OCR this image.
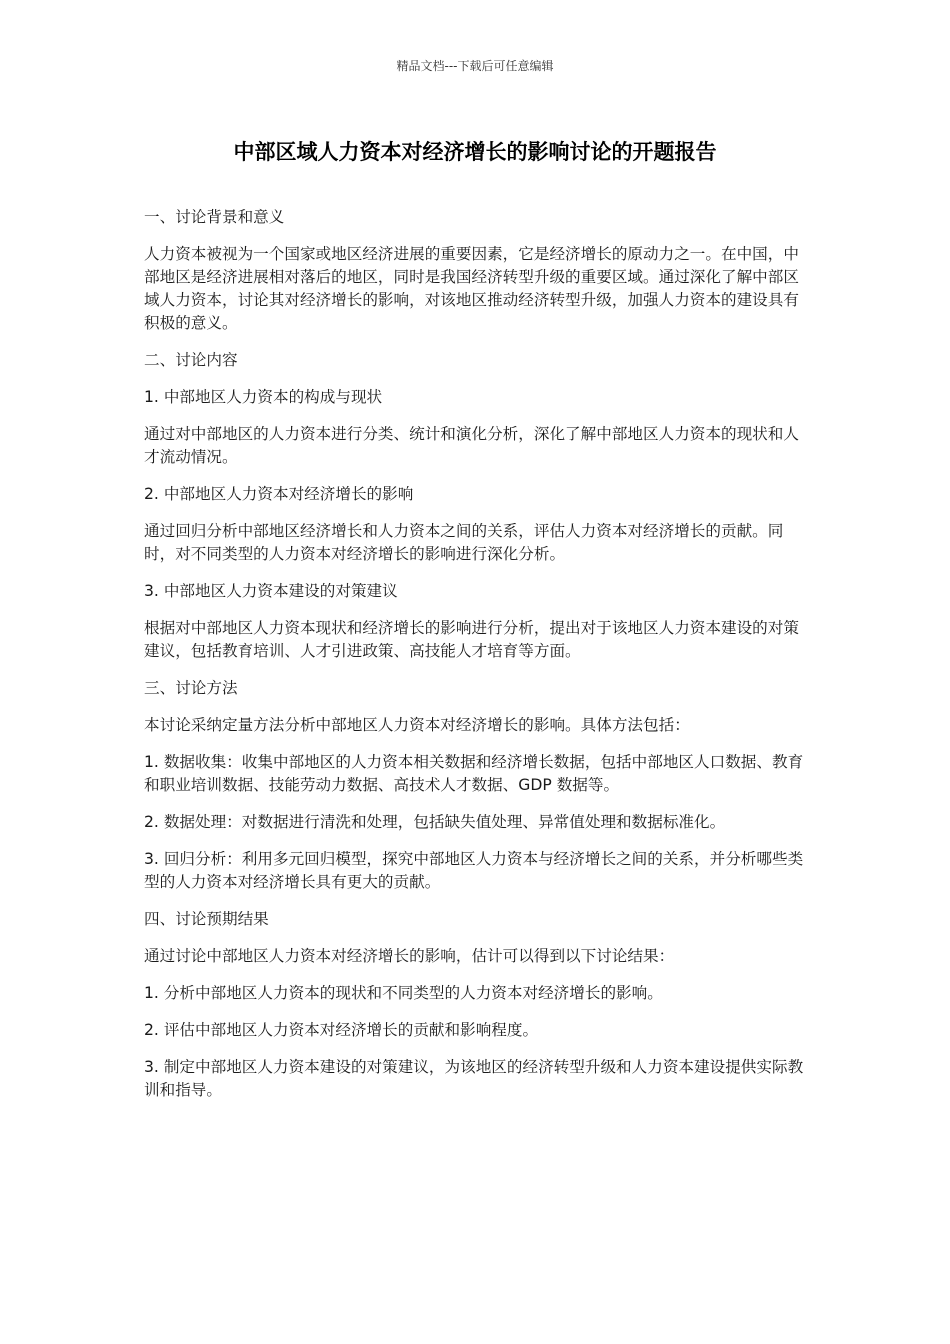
精品文档---下载后可任意编辑
中部区域人力资本对经济增长的影响讨论的开题报告

一、讨论背景和意义

人力资本被视为一个国家或地区经济进展的重要因素，它是经济增长的原动力之一。在中国，中部地区是经济进展相对落后的地区，同时是我国经济转型升级的重要区域。通过深化了解中部区域人力资本，讨论其对经济增长的影响，对该地区推动经济转型升级，加强人力资本的建设具有积极的意义。

二、讨论内容

1. 中部地区人力资本的构成与现状

通过对中部地区的人力资本进行分类、统计和演化分析，深化了解中部地区人力资本的现状和人才流动情况。

2. 中部地区人力资本对经济增长的影响

通过回归分析中部地区经济增长和人力资本之间的关系，评估人力资本对经济增长的贡献。同时，对不同类型的人力资本对经济增长的影响进行深化分析。

3. 中部地区人力资本建设的对策建议

根据对中部地区人力资本现状和经济增长的影响进行分析，提出对于该地区人力资本建设的对策建议，包括教育培训、人才引进政策、高技能人才培育等方面。

三、讨论方法

本讨论采纳定量方法分析中部地区人力资本对经济增长的影响。具体方法包括：

1. 数据收集：收集中部地区的人力资本相关数据和经济增长数据，包括中部地区人口数据、教育和职业培训数据、技能劳动力数据、高技术人才数据、GDP 数据等。

2. 数据处理：对数据进行清洗和处理，包括缺失值处理、异常值处理和数据标准化。

3. 回归分析：利用多元回归模型，探究中部地区人力资本与经济增长之间的关系，并分析哪些类型的人力资本对经济增长具有更大的贡献。

四、讨论预期结果

通过讨论中部地区人力资本对经济增长的影响，估计可以得到以下讨论结果：

1. 分析中部地区人力资本的现状和不同类型的人力资本对经济增长的影响。

2. 评估中部地区人力资本对经济增长的贡献和影响程度。

3. 制定中部地区人力资本建设的对策建议，为该地区的经济转型升级和人力资本建设提供实际教训和指导。
